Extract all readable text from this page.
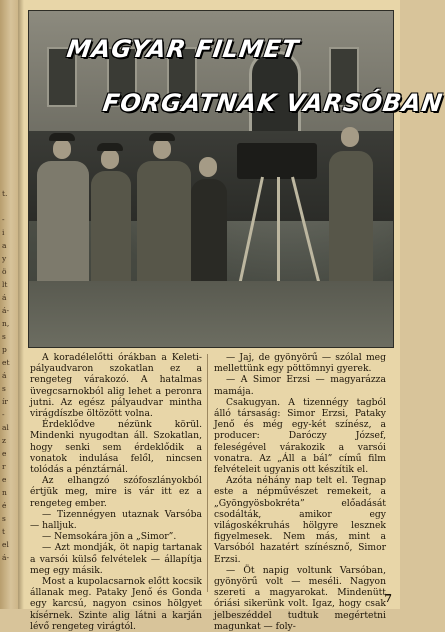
t.
-
i
a
y
ö
lt
á
á-
n,
s
p
et
á
s
ír
-
al
z
e
r
e
n
é
s
t
el
á-
MAGYAR FILMET
FORGATNAK VARSÓBAN

A koradélelőtti órákban a Keleti-pályaudvaron szokatlan ez a rengeteg várakozó. A hatalmas üvegcsarnokból alig lehet a peronra jutni. Az egész pályaudvar mintha virágdíszbe öltözött volna.

Érdeklődve nézünk körül. Mindenki nyugodtan áll. Szokatlan, hogy senki sem érdeklődik a vonatok indulása felől, nincsen tolódás a pénztárnál.

Az elhangzó szófoszlányokból értjük meg, mire is vár itt ez a rengeteg ember.

— Tizennégyen utaznak Varsóba — halljuk.

— Nemsokára jön a „Simor”.

— Azt mondják, öt napig tartanak a varsói külső felvételek — állapítja meg egy másik.

Most a kupolacsarnok előtt kocsik állanak meg. Pataky Jenő és Gonda egy karcsú, nagyon csinos hölgyet kísérnek. Szinte alig látni a karján lévő rengeteg virágtól.

— Jaj, de gyönyörű — szólal meg mellettünk egy pöttömnyi gyerek.

— A Simor Erzsi — magyarázza mamája.

Csakugyan. A tizennégy tagból álló társaság: Simor Erzsi, Pataky Jenő és még egy-két színész, a producer: Daróczy József, feleségével várakozik a varsói vonatra. Az „Áll a bál” című film felvételeit ugyanis ott készítik el.

Azóta néhány nap telt el. Tegnap este a népművészet remekeit, a „Gyöngyösbokréta” előadását csodálták, amikor egy világoskékruhás hölgyre lesznek figyelmesek. Nem más, mint a Varsóból hazatért színésznő, Simor Erzsi.

— Öt napig voltunk Varsóban, gyönyörű volt — meséli. Nagyon szereti a magyarokat. Mindenütt óriási sikerünk volt. Igaz, hogy csak jelbeszéddel tudtuk megértetni magunkat — foly-

7
